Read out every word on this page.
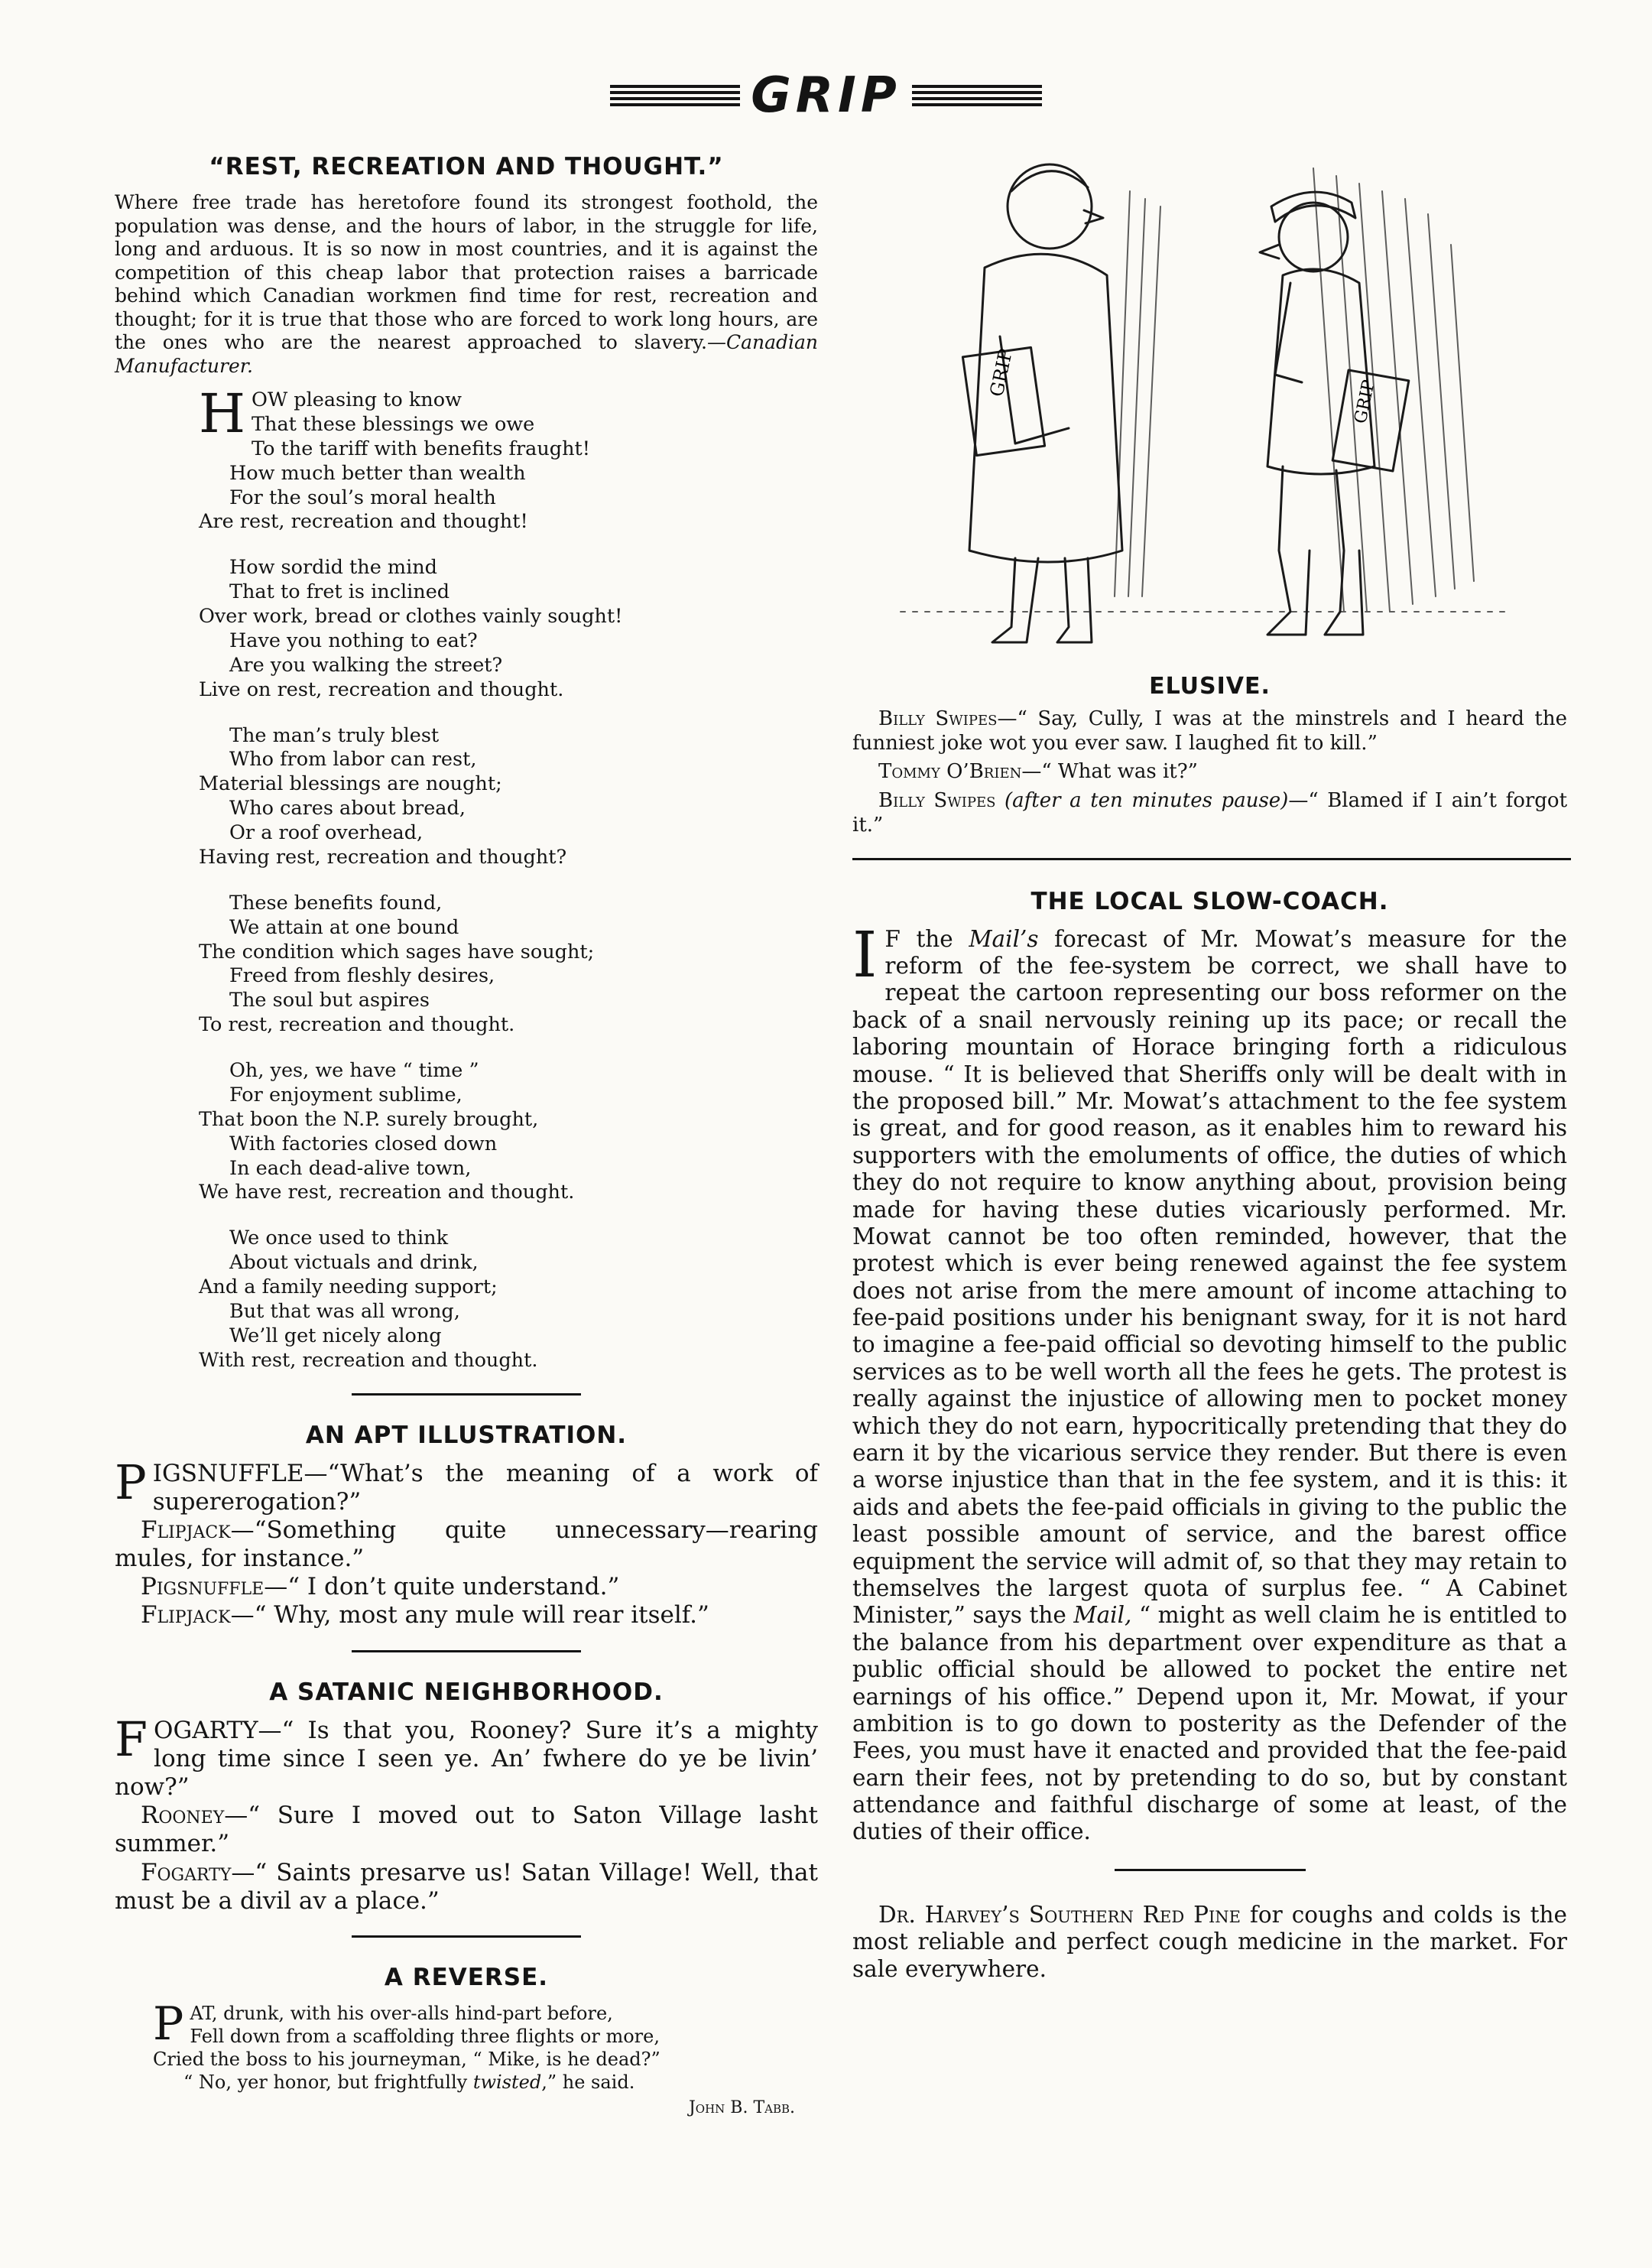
GRIP
“REST, RECREATION AND THOUGHT.”

Where free trade has heretofore found its strongest foothold, the population was dense, and the hours of labor, in the struggle for life, long and arduous. It is so now in most countries, and it is against the competition of this cheap labor that protection raises a barricade behind which Canadian workmen find time for rest, recreation and thought; for it is true that those who are forced to work long hours, are the ones who are the nearest approached to slavery.—Canadian Manufacturer.

H OW pleasing to know
That these blessings we owe
To the tariff with benefits fraught!
How much better than wealth
For the soul’s moral health
Are rest, recreation and thought!
How sordid the mind
That to fret is inclined
Over work, bread or clothes vainly sought!
Have you nothing to eat?
Are you walking the street?
Live on rest, recreation and thought.
The man’s truly blest
Who from labor can rest,
Material blessings are nought;
Who cares about bread,
Or a roof overhead,
Having rest, recreation and thought?
These benefits found,
We attain at one bound
The condition which sages have sought;
Freed from fleshly desires,
The soul but aspires
To rest, recreation and thought.
Oh, yes, we have “ time ”
For enjoyment sublime,
That boon the N.P. surely brought,
With factories closed down
In each dead-alive town,
We have rest, recreation and thought.
We once used to think
About victuals and drink,
And a family needing support;
But that was all wrong,
We’ll get nicely along
With rest, recreation and thought.
AN APT ILLUSTRATION.

PIGSNUFFLE—“What’s the meaning of a work of supererogation?”

Flipjack—“Something quite unnecessary—rearing mules, for instance.”

Pigsnuffle—“ I don’t quite understand.”

Flipjack—“ Why, most any mule will rear itself.”

A SATANIC NEIGHBORHOOD.

FOGARTY—“ Is that you, Rooney? Sure it’s a mighty long time since I seen ye. An’ fwhere do ye be livin’ now?”

Rooney—“ Sure I moved out to Saton Village lasht summer.”

Fogarty—“ Saints presarve us! Satan Village! Well, that must be a divil av a place.”

A REVERSE.
P AT, drunk, with his over-alls hind-part before,
Fell down from a scaffolding three flights or more,
Cried the boss to his journeyman, “ Mike, is he dead?”
“ No, yer honor, but frightfully twisted,” he said.
John B. Tabb.
GRIP
GRIP
ELUSIVE.

Billy Swipes—“ Say, Cully, I was at the minstrels and I heard the funniest joke wot you ever saw. I laughed fit to kill.”

Tommy O’Brien—“ What was it?”

Billy Swipes (after a ten minutes pause)—“ Blamed if I ain’t forgot it.”

THE LOCAL SLOW-COACH.

I F the Mail’s forecast of Mr. Mowat’s measure for the reform of the fee-system be correct, we shall have to repeat the cartoon representing our boss reformer on the back of a snail nervously reining up its pace; or recall the laboring mountain of Horace bringing forth a ridiculous mouse. “ It is believed that Sheriffs only will be dealt with in the proposed bill.” Mr. Mowat’s attachment to the fee system is great, and for good reason, as it enables him to reward his supporters with the emoluments of office, the duties of which they do not require to know anything about, provision being made for having these duties vicariously performed. Mr. Mowat cannot be too often reminded, however, that the protest which is ever being renewed against the fee system does not arise from the mere amount of income attaching to fee-paid positions under his benignant sway, for it is not hard to imagine a fee-paid official so devoting himself to the public services as to be well worth all the fees he gets. The protest is really against the injustice of allowing men to pocket money which they do not earn, hypocritically pretending that they do earn it by the vicarious service they render. But there is even a worse injustice than that in the fee system, and it is this: it aids and abets the fee-paid officials in giving to the public the least possible amount of service, and the barest office equipment the service will admit of, so that they may retain to themselves the largest quota of surplus fee. “ A Cabinet Minister,” says the Mail, “ might as well claim he is entitled to the balance from his department over expenditure as that a public official should be allowed to pocket the entire net earnings of his office.” Depend upon it, Mr. Mowat, if your ambition is to go down to posterity as the Defender of the Fees, you must have it enacted and provided that the fee-paid earn their fees, not by pretending to do so, but by constant attendance and faithful discharge of some at least, of the duties of their office.

Dr. Harvey’s Southern Red Pine for coughs and colds is the most reliable and perfect cough medicine in the market. For sale everywhere.
